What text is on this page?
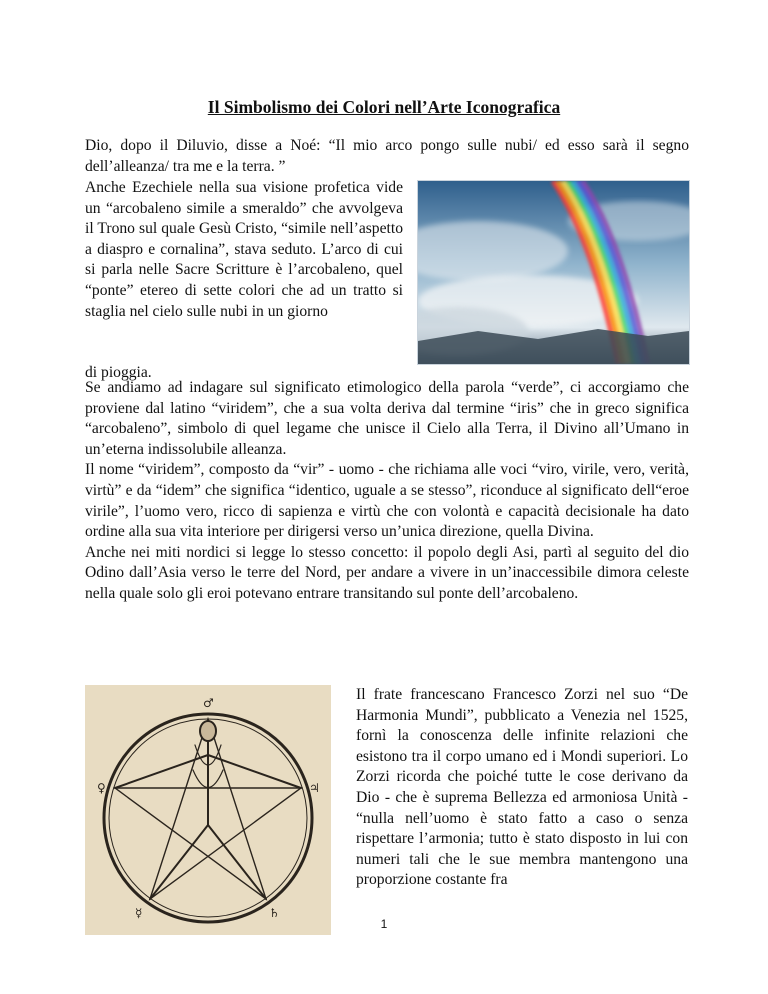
Il Simbolismo dei Colori nell’Arte Iconografica

Dio, dopo il Diluvio, disse a Noé: “Il mio arco pongo sulle nubi/ ed esso sarà il segno dell’alleanza/ tra me e la terra. ”

Anche Ezechiele nella sua visione profetica vide un “arcobaleno simile a smeraldo” che avvolgeva il Trono sul quale Gesù Cristo, “simile nell’aspetto a diaspro e cornalina”, stava seduto. L’arco di cui si parla nelle Sacre Scritture è l’arcobaleno, quel “ponte” etereo di sette colori che ad un tratto si staglia nel cielo sulle nubi in un giorno

di pioggia.

Se andiamo ad indagare sul significato etimologico della parola “verde”, ci accorgiamo che proviene dal latino “viridem”, che a sua volta deriva dal termine “iris” che in greco significa “arcobaleno”, simbolo di quel legame che unisce il Cielo alla Terra, il Divino all’Umano in un’eterna indissolubile alleanza.

Il nome “viridem”, composto da “vir” - uomo - che richiama alle voci “viro, virile, vero, verità, virtù” e da “idem” che significa “identico, uguale a se stesso”, riconduce al significato dell“eroe virile”, l’uomo vero, ricco di sapienza e virtù che con volontà e capacità decisionale ha dato ordine alla sua vita interiore per dirigersi verso un’unica direzione, quella Divina.

Anche nei miti nordici si legge lo stesso concetto: il popolo degli Asi, partì al seguito del dio Odino dall’Asia verso le terre del Nord, per andare a vivere in un’inaccessibile dimora celeste nella quale solo gli eroi potevano entrare transitando sul ponte dell’arcobaleno.

♂
♀	♃
☿	♄

Il frate francescano Francesco Zorzi nel suo “De Harmonia Mundi”, pubblicato a Venezia nel 1525, fornì la conoscenza delle infinite relazioni che esistono tra il corpo umano ed i Mondi superiori. Lo Zorzi ricorda che poiché tutte le cose derivano da Dio - che è suprema Bellezza ed armoniosa Unità - “nulla nell’uomo è stato fatto a caso o senza rispettare l’armonia; tutto è stato disposto in lui con numeri tali che le sue membra mantengono una proporzione costante fra

1
